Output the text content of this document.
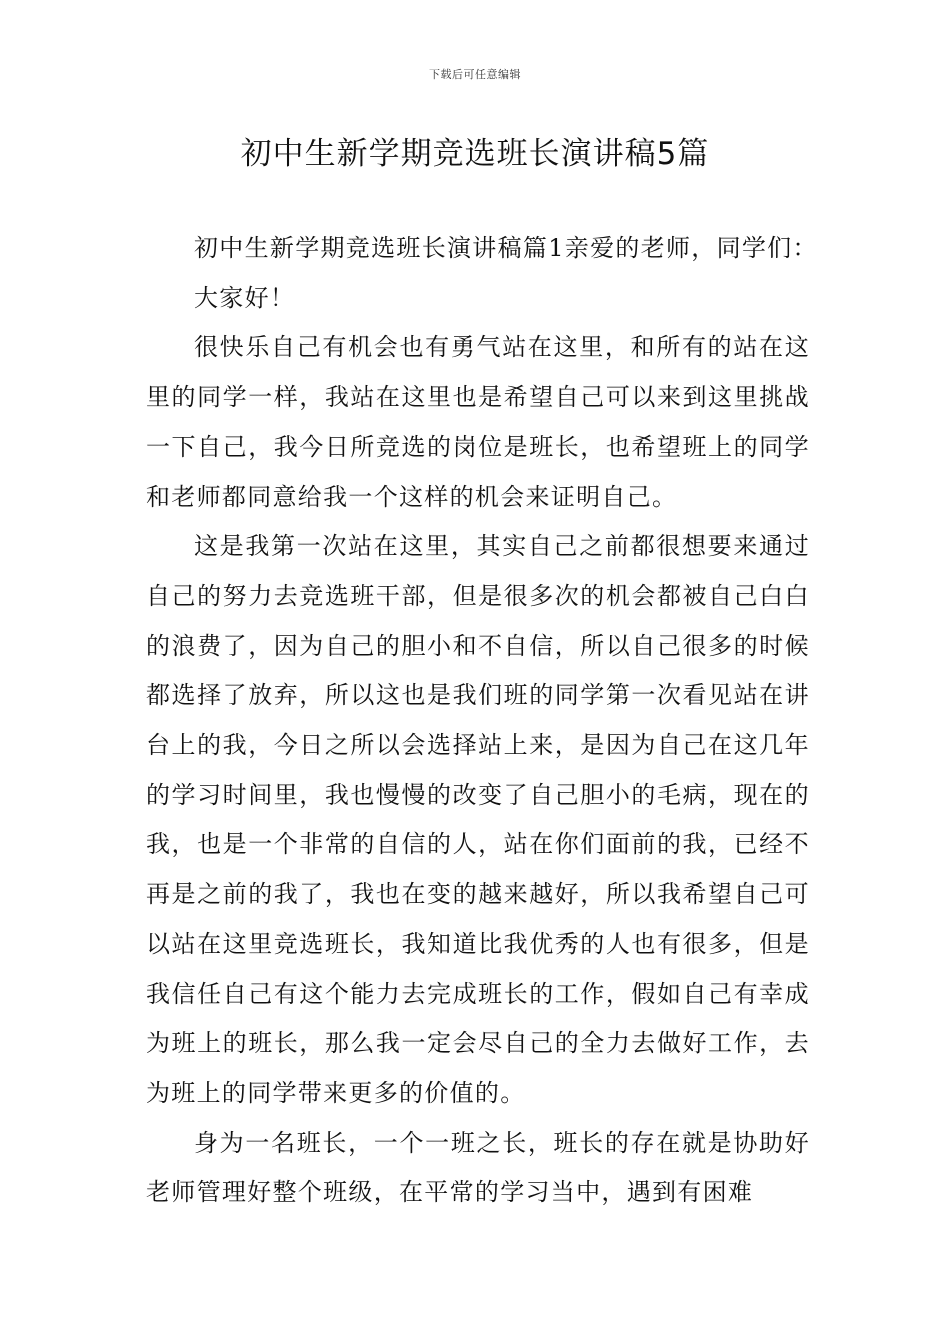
下载后可任意编辑
初中生新学期竞选班长演讲稿5篇

初中生新学期竞选班长演讲稿篇1亲爱的老师，同学们：

大家好！

很快乐自己有机会也有勇气站在这里，和所有的站在这里的同学一样，我站在这里也是希望自己可以来到这里挑战一下自己，我今日所竞选的岗位是班长，也希望班上的同学和老师都同意给我一个这样的机会来证明自己。

这是我第一次站在这里，其实自己之前都很想要来通过自己的努力去竞选班干部，但是很多次的机会都被自己白白的浪费了，因为自己的胆小和不自信，所以自己很多的时候都选择了放弃，所以这也是我们班的同学第一次看见站在讲台上的我，今日之所以会选择站上来，是因为自己在这几年的学习时间里，我也慢慢的改变了自己胆小的毛病，现在的我，也是一个非常的自信的人，站在你们面前的我，已经不再是之前的我了，我也在变的越来越好，所以我希望自己可以站在这里竞选班长，我知道比我优秀的人也有很多，但是我信任自己有这个能力去完成班长的工作，假如自己有幸成为班上的班长，那么我一定会尽自己的全力去做好工作，去为班上的同学带来更多的价值的。

身为一名班长，一个一班之长，班长的存在就是协助好老师管理好整个班级，在平常的学习当中，遇到有困难
